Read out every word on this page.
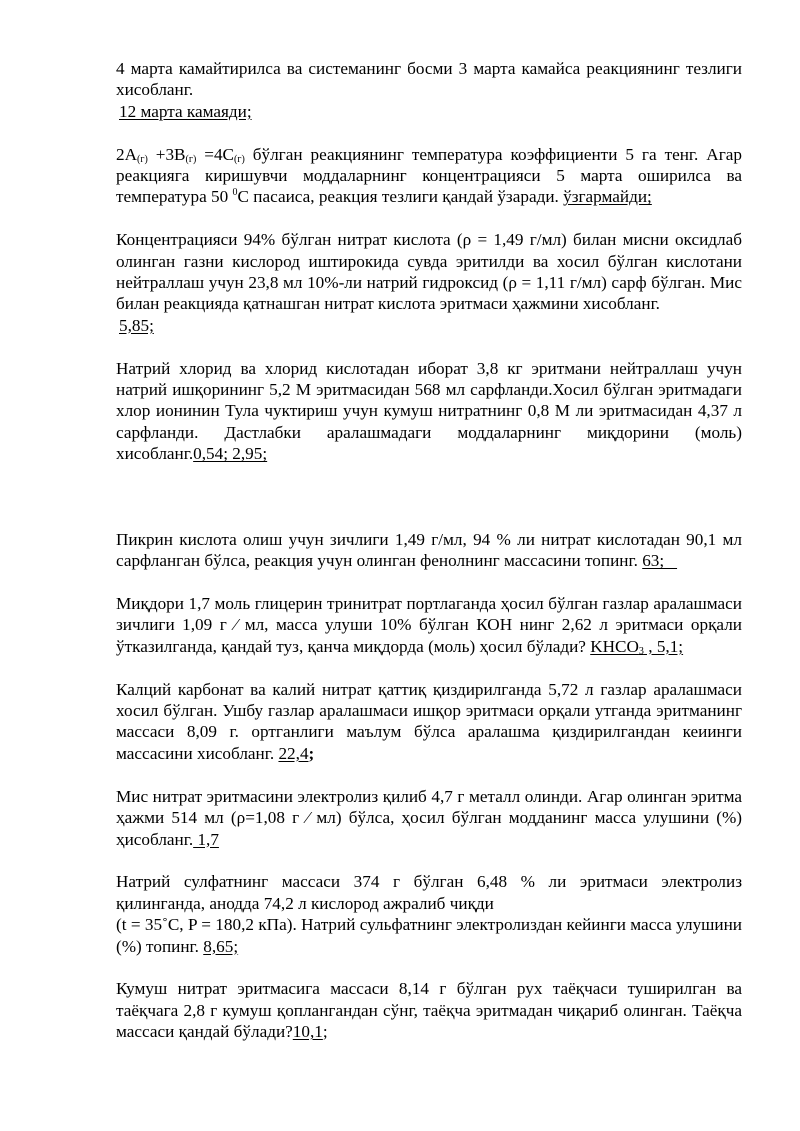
4 марта камайтирилса ва системанинг босми 3 марта камайса реакциянинг тезлиги хисобланг.

12 марта камаяди;

$2A_{(г)} +3B_{(г)} =4C_{(г)}$ бўлган реакциянинг температура коэффициенти 5 га тенг. Агар реакцияга киришувчи моддаларнинг концентрацияси 5 марта оширилса ва температура 50 $^0$С пасаиса, реакция тезлиги қандай ўзаради. ўзгармайди;

Концентрацияси 94% бўлган нитрат кислота (ρ = 1,49 г/мл) билан мисни оксидлаб олинган газни кислород иштирокида сувда эритилди ва хосил бўлган кислотани нейтраллаш учун 23,8 мл 10%-ли натрий гидроксид (ρ = 1,11 г/мл) сарф бўлган. Мис билан реакцияда қатнашган нитрат кислота эритмаси ҳажмини хисобланг.

5,85;

Натрий хлорид ва хлорид кислотадан иборат 3,8 кг эритмани нейтраллаш учун натрий ишқорининг 5,2 М эритмасидан 568 мл сарфланди.Хосил бўлган эритмадаги хлор ионинин Тула чуктириш учун кумуш нитратнинг 0,8 М ли эритмасидан 4,37 л сарфланди. Дастлабки аралашмадаги моддаларнинг миқдорини (моль) хисобланг.0,54; 2,95;

Пикрин кислота олиш учун зичлиги 1,49 г/мл, 94 % ли нитрат кислотадан 90,1 мл сарфланган бўлса, реакция учун олинган фенолнинг массасини топинг. 63;

Миқдори 1,7 моль глицерин тринитрат портлаганда ҳосил бўлган газлар аралашмаси зичлиги 1,09 г ⁄ мл, масса улуши 10% бўлган КОН нинг 2,62 л эритмаси орқали ўтказилганда, қандай туз, қанча миқдорда (моль) ҳосил бўлади? $KHCO_3$ , 5,1;

Калций карбонат ва калий нитрат қаттиқ қиздирилганда 5,72 л газлар аралашмаси хосил бўлган. Ушбу газлар аралашмаси ишқор эритмаси орқали утганда эритманинг массаси 8,09 г. ортганлиги маълум бўлса аралашма қиздирилгандан кеиинги массасини хисобланг. 22,4;

Мис нитрат эритмасини электролиз қилиб 4,7 г металл олинди. Агар олинган эритма ҳажми 514 мл (ρ=1,08 г ⁄ мл) бўлса, ҳосил бўлган модданинг масса улушини (%) ҳисобланг. 1,7

Натрий сулфатнинг массаси 374 г бўлган 6,48 % ли эритмаси электролиз қилинганда, аноддa 74,2 л кислород ажралиб чиқди

(t = 35˚С, P = 180,2 кПа). Натрий сульфатнинг электролиздан кейинги масса улушини (%) топинг. 8,65;

Кумуш нитрат эритмасига массаси 8,14 г бўлган рух таёқчаси туширилган ва таёқчага 2,8 г кумуш қоплангандан сўнг, таёқча эритмадан чиқариб олинган. Таёқча массаси қандай бўлади?10,1;
